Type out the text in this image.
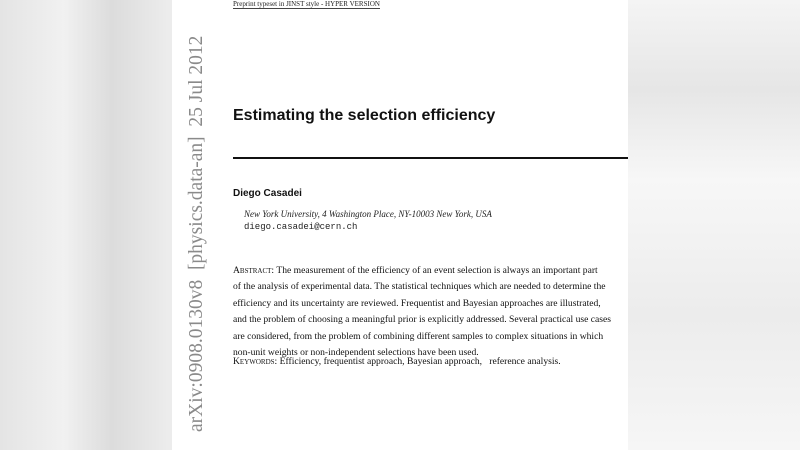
arXiv:0908.0130v8  [physics.data-an]  25 Jul 2012
Preprint typeset in JINST style - HYPER VERSION
Estimating the selection efficiency
Diego Casadei
New York University, 4 Washington Place, NY-10003 New York, USA
diego.casadei@cern.ch
Abstract: The measurement of the efficiency of an event selection is always an important part
of the analysis of experimental data. The statistical techniques which are needed to determine the
efficiency and its uncertainty are reviewed. Frequentist and Bayesian approaches are illustrated,
and the problem of choosing a meaningful prior is explicitly addressed. Several practical use cases
are considered, from the problem of combining different samples to complex situations in which
non-unit weights or non-independent selections have been used.
Keywords: Efficiency, frequentist approach, Bayesian approach,   reference analysis.
